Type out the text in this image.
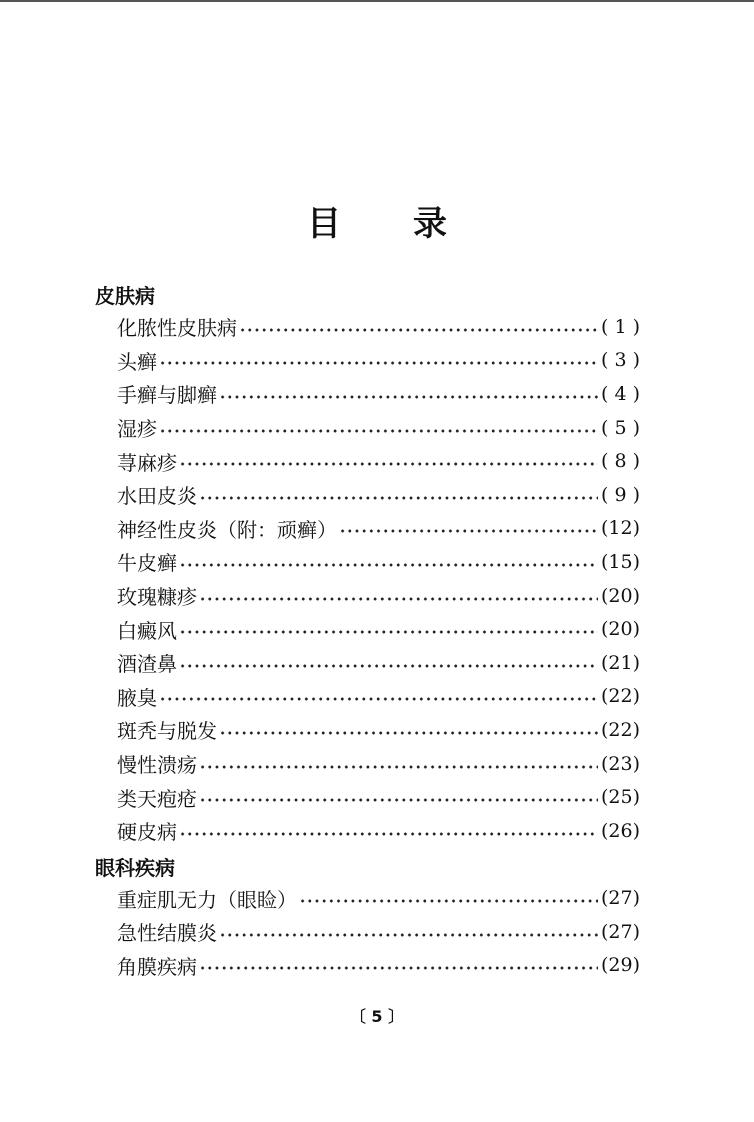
目 录
皮肤病
化脓性皮肤病	( 1 )
头癣	( 3 )
手癣与脚癣	( 4 )
湿疹	( 5 )
荨麻疹	( 8 )
水田皮炎	( 9 )
神经性皮炎（附：顽癣）	(12)
牛皮癣	(15)
玫瑰糠疹	(20)
白癜风	(20)
酒渣鼻	(21)
腋臭	(22)
斑秃与脱发	(22)
慢性溃疡	(23)
类天疱疮	(25)
硬皮病	(26)
眼科疾病
重症肌无力（眼睑）	(27)
急性结膜炎	(27)
角膜疾病	(29)
〔 5 〕
